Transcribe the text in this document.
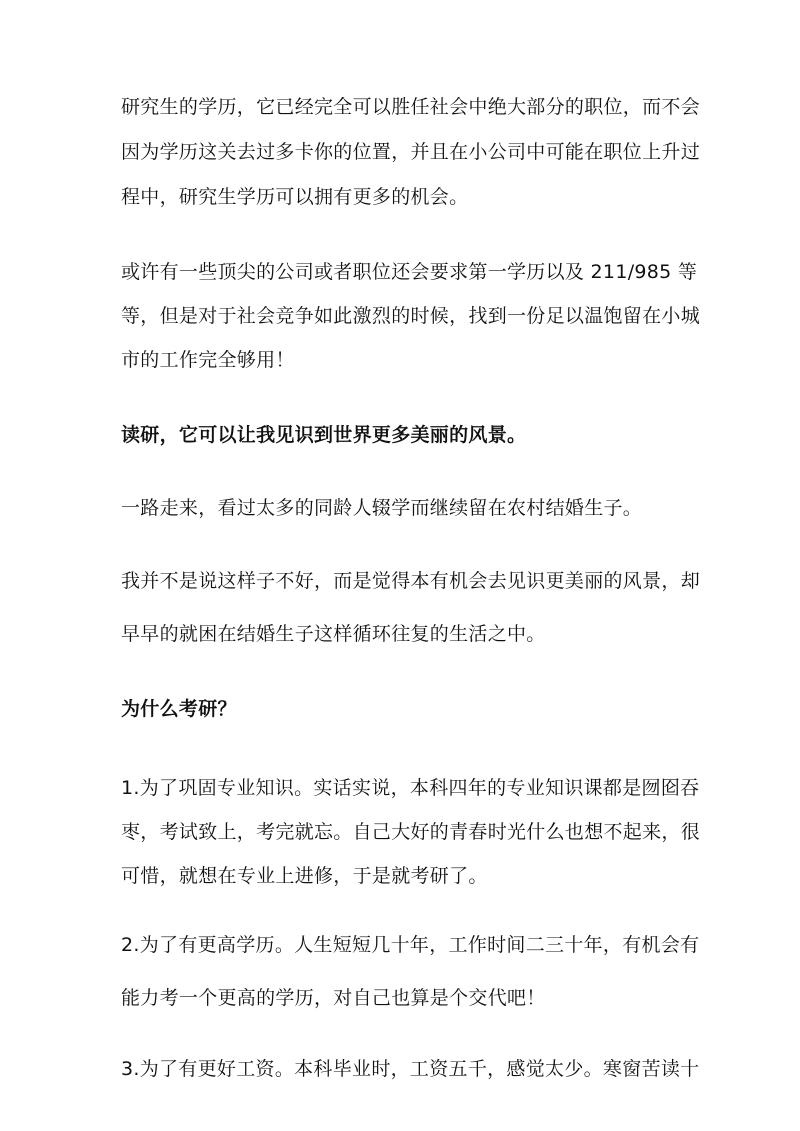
研究生的学历，它已经完全可以胜任社会中绝大部分的职位，而不会
因为学历这关去过多卡你的位置，并且在小公司中可能在职位上升过
程中，研究生学历可以拥有更多的机会。
或许有一些顶尖的公司或者职位还会要求第一学历以及 211/985 等
等，但是对于社会竞争如此激烈的时候，找到一份足以温饱留在小城
市的工作完全够用！
读研，它可以让我见识到世界更多美丽的风景。
一路走来，看过太多的同龄人辍学而继续留在农村结婚生子。
我并不是说这样子不好，而是觉得本有机会去见识更美丽的风景，却
早早的就困在结婚生子这样循环往复的生活之中。
为什么考研？
1.为了巩固专业知识。实话实说，本科四年的专业知识课都是囫囵吞
枣，考试致上，考完就忘。自己大好的青春时光什么也想不起来，很
可惜，就想在专业上进修，于是就考研了。
2.为了有更高学历。人生短短几十年，工作时间二三十年，有机会有
能力考一个更高的学历，对自己也算是个交代吧！
3.为了有更好工资。本科毕业时，工资五千，感觉太少。寒窗苦读十
